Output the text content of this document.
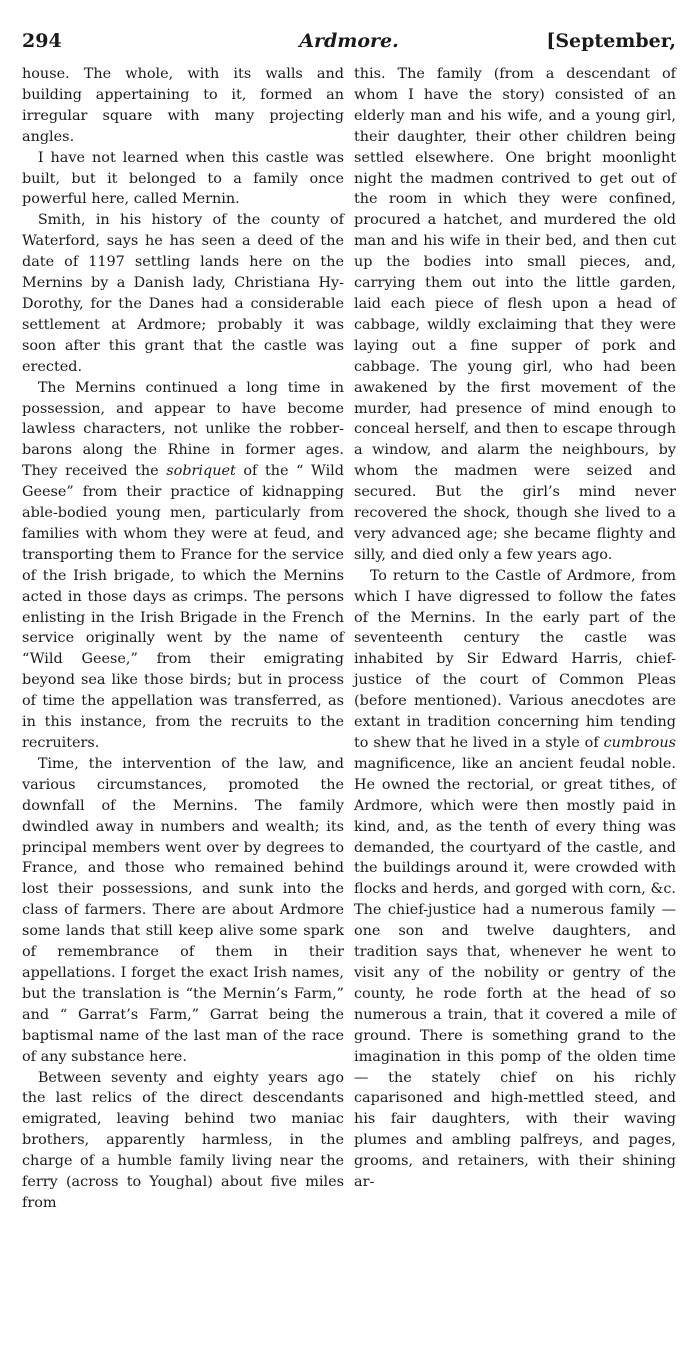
294	Ardmore.	[September,

house. The whole, with its walls and building appertaining to it, formed an irregular square with many projecting angles.

I have not learned when this castle was built, but it belonged to a family once powerful here, called Mernin.

Smith, in his history of the county of Waterford, says he has seen a deed of the date of 1197 settling lands here on the Mernins by a Danish lady, Christiana Hy-Dorothy, for the Danes had a considerable settlement at Ardmore; probably it was soon after this grant that the castle was erected.

The Mernins continued a long time in possession, and appear to have become lawless characters, not unlike the robber-barons along the Rhine in former ages. They received the sobriquet of the “ Wild Geese” from their practice of kidnapping able-bodied young men, particularly from families with whom they were at feud, and transporting them to France for the service of the Irish brigade, to which the Mernins acted in those days as crimps. The persons enlisting in the Irish Brigade in the French service originally went by the name of “Wild Geese,” from their emigrating beyond sea like those birds; but in process of time the appellation was transferred, as in this instance, from the recruits to the recruiters.

Time, the intervention of the law, and various circumstances, promoted the downfall of the Mernins. The family dwindled away in numbers and wealth; its principal members went over by degrees to France, and those who remained behind lost their possessions, and sunk into the class of farmers. There are about Ardmore some lands that still keep alive some spark of remembrance of them in their appellations. I forget the exact Irish names, but the translation is “the Mernin’s Farm,” and “ Garrat’s Farm,” Garrat being the baptismal name of the last man of the race of any substance here.

Between seventy and eighty years ago the last relics of the direct descendants emigrated, leaving behind two maniac brothers, apparently harmless, in the charge of a humble family living near the ferry (across to Youghal) about five miles from

this. The family (from a descendant of whom I have the story) consisted of an elderly man and his wife, and a young girl, their daughter, their other children being settled elsewhere. One bright moonlight night the madmen contrived to get out of the room in which they were confined, procured a hatchet, and murdered the old man and his wife in their bed, and then cut up the bodies into small pieces, and, carrying them out into the little garden, laid each piece of flesh upon a head of cabbage, wildly exclaiming that they were laying out a fine supper of pork and cabbage. The young girl, who had been awakened by the first movement of the murder, had presence of mind enough to conceal herself, and then to escape through a window, and alarm the neighbours, by whom the madmen were seized and secured. But the girl’s mind never recovered the shock, though she lived to a very advanced age; she became flighty and silly, and died only a few years ago.

To return to the Castle of Ardmore, from which I have digressed to follow the fates of the Mernins. In the early part of the seventeenth century the castle was inhabited by Sir Edward Harris, chief-justice of the court of Common Pleas (before mentioned). Various anecdotes are extant in tradition concerning him tending to shew that he lived in a style of cumbrous magnificence, like an ancient feudal noble. He owned the rectorial, or great tithes, of Ardmore, which were then mostly paid in kind, and, as the tenth of every thing was demanded, the courtyard of the castle, and the buildings around it, were crowded with flocks and herds, and gorged with corn, &c. The chief-justice had a numerous family — one son and twelve daughters, and tradition says that, whenever he went to visit any of the nobility or gentry of the county, he rode forth at the head of so numerous a train, that it covered a mile of ground. There is something grand to the imagination in this pomp of the olden time — the stately chief on his richly caparisoned and high-mettled steed, and his fair daughters, with their waving plumes and ambling palfreys, and pages, grooms, and retainers, with their shining ar-
